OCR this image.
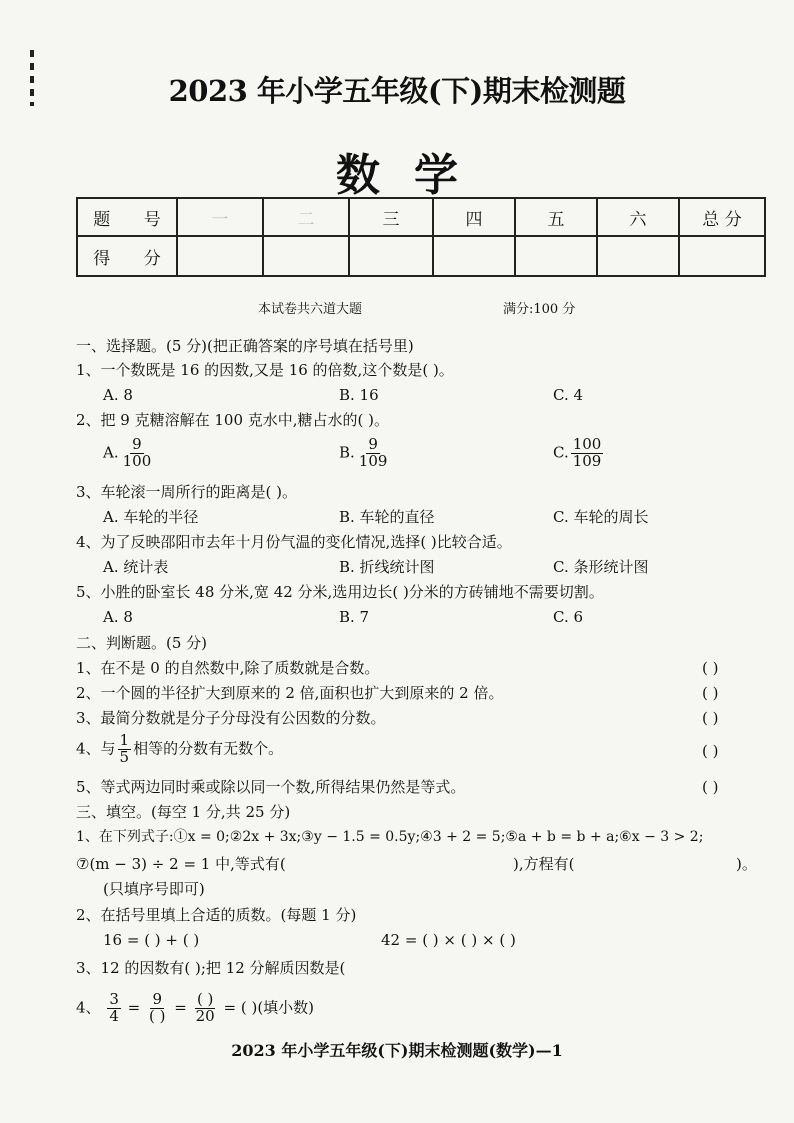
2023 年小学五年级(下)期末检测题
数学
题 号	一	二	三	四	五	六	总 分
得 分							
本试卷共六道大题	满分:100 分
一、选择题。(5 分)(把正确答案的序号填在括号里)
1、一个数既是 16 的因数,又是 16 的倍数,这个数是( )。
A. 8	B. 16	C. 4
2、把 9 克糖溶解在 100 克水中,糖占水的( )。
A. $\frac{9}{100}$	B. $\frac{9}{109}$	C. $\frac{100}{109}$
3、车轮滚一周所行的距离是( )。
A. 车轮的半径	B. 车轮的直径	C. 车轮的周长
4、为了反映邵阳市去年十月份气温的变化情况,选择( )比较合适。
A. 统计表	B. 折线统计图	C. 条形统计图
5、小胜的卧室长 48 分米,宽 42 分米,选用边长( )分米的方砖铺地不需要切割。
A. 8	B. 7	C. 6
二、判断题。(5 分)
1、在不是 0 的自然数中,除了质数就是合数。	( )
2、一个圆的半径扩大到原来的 2 倍,面积也扩大到原来的 2 倍。	( )
3、最简分数就是分子分母没有公因数的分数。	( )
4、与 $\frac{1}{5}$ 相等的分数有无数个。	( )
5、等式两边同时乘或除以同一个数,所得结果仍然是等式。	( )
三、填空。(每空 1 分,共 25 分)
1、在下列式子:①x = 0;②2x + 3x;③y − 1.5 = 0.5y;④3 + 2 = 5;⑤a + b = b + a;⑥x − 3 > 2;
⑦(m − 3) ÷ 2 = 1 中,等式有(	),方程有(	)。
(只填序号即可)
2、在括号里填上合适的质数。(每题 1 分)
16 = ( ) + ( )	42 = ( ) × ( ) × ( )
3、12 的因数有( );把 12 分解质因数是(
4、 $\frac{3}{4} = \frac{9}{( )} = \frac{( )}{20}$ = ( )(填小数)
2023 年小学五年级(下)期末检测题(数学)—1
